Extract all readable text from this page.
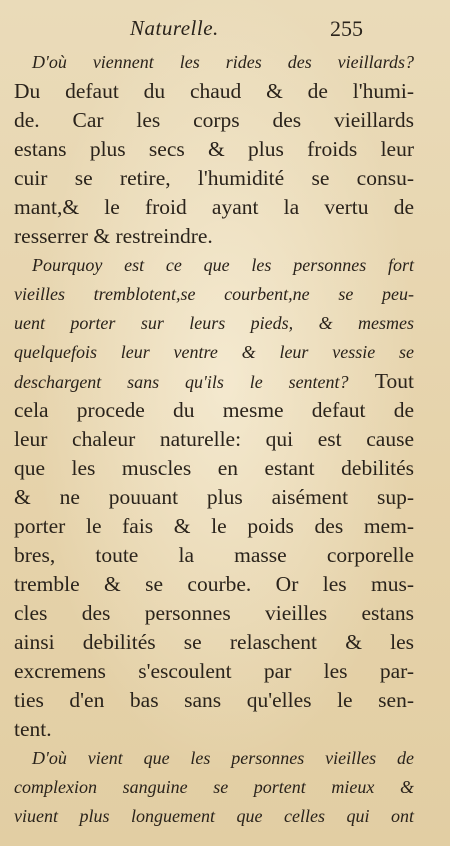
Naturelle.	255
D'où viennent les rides des vieillards?
Du defaut du chaud & de l'humi-
de. Car les corps des vieillards
estans plus secs & plus froids leur
cuir se retire, l'humidité se consu-
mant,& le froid ayant la vertu de
resserrer & restreindre.
Pourquoy est ce que les personnes fort
vieilles tremblotent,se courbent,ne se peu-
uent porter sur leurs pieds, & mesmes
quelquefois leur ventre & leur vessie se
deschargent sans qu'ils le sentent? Tout
cela procede du mesme defaut de
leur chaleur naturelle: qui est cause
que les muscles en estant debilités
& ne pouuant plus aisément sup-
porter le fais & le poids des mem-
bres, toute la masse corporelle
tremble & se courbe. Or les mus-
cles des personnes vieilles estans
ainsi debilités se relaschent & les
excremens s'escoulent par les par-
ties d'en bas sans qu'elles le sen-
tent.
D'où vient que les personnes vieilles de
complexion sanguine se portent mieux &
viuent plus longuement que celles qui ont
